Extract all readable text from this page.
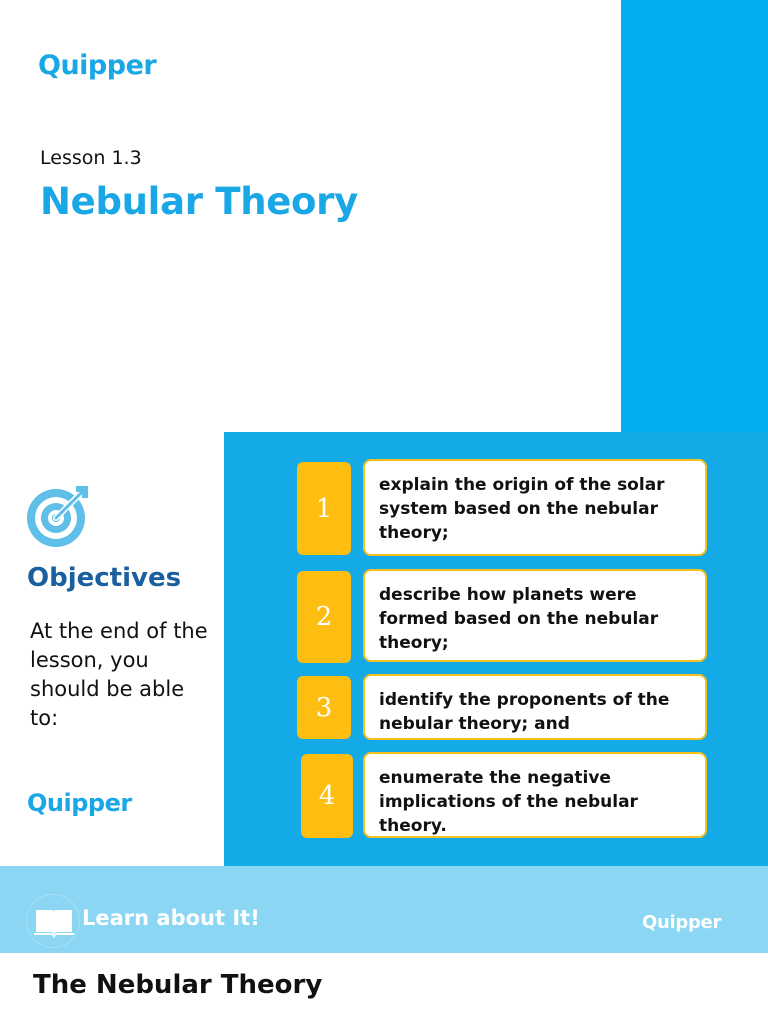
Quipper
Lesson 1.3
Nebular Theory
Objectives
At the end of the lesson, you should be able to:
Quipper
1
explain the origin of the solar system based on the nebular theory;
2
describe how planets were formed based on the nebular theory;
3	identify the proponents of the nebular theory; and
4
enumerate the negative implications of the nebular theory.
Learn about It!	Quipper
The Nebular Theory
